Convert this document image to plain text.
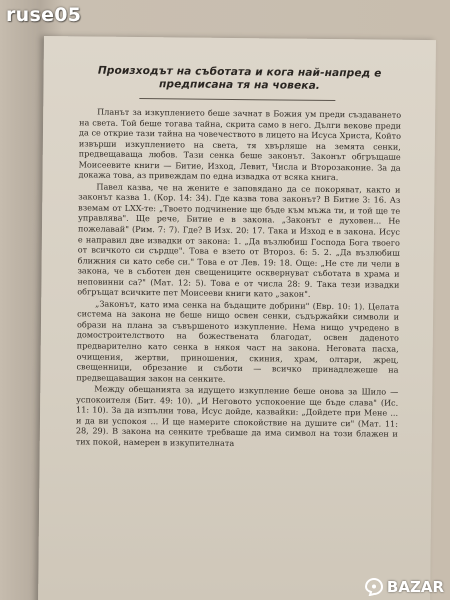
Произходът на съботата и кога най-напред е предписана тя на човека.

Планът за изкуплението беше зачнат в Божия ум преди създаването на света. Той беше тогава тайна, скрита само в него. Дълги векове преди да се открие тази тайна на човечеството в лицето на Исуса Христа, Който извърши изкуплението на света, тя хвърляше на земята сенки, предвещаваща любов. Тази сенка беше законът. Законът обгръщаше Моисеевите книги — Битие, Изход, Левит, Числа и Второзаконие. За да докажа това, аз привеждам по една извадка от всяка книга.

Павел казва, че на жените е заповядано да се покоряват, както и законът казва 1. (Кор. 14: 34). Где казва това законът? В Битие 3: 16. Аз вземам от LXX-те: „Твоето подчинение ще бъде към мъжа ти, и той ще те управлява". Ще рече, Битие е в закона. „Законът е духовен... Не пожелавай" (Рим. 7: 7). Где? В Изх. 20: 17. Така и Изход е в закона. Исус е направил две извадки от закона: 1. „Да възлюбиш Господа Бога твоего от всичкото си сърдце". Това е взето от Второз. 6: 5. 2. „Да възлюбиш ближния си като себе си." Това е от Лев. 19: 18. Още: „Не сте ли чели в закона, че в съботен ден свещениците осквернуват съботата в храма и неповинни са?" (Мат. 12: 5). Това е от числа 28: 9. Така тези извадки обгръщат всичките пет Моисееви книги като „закон".

„Законът, като има сенка на бъдащите добрини" (Евр. 10: 1). Целата система на закона не беше нищо освен сенки, съдържайки символи и образи на плана за съвършеното изкупление. Нема нищо учредено в домостроителството на божествената благодат, освен даденото предварително като сенка в някоя част на закона. Неговата пасха, очищения, жертви, приношения, скиния, храм, олтари, жрец, свещенници, обрезание и съботи — всичко принадлежеше на предвещаващия закон на сенките.

Между обещанията за идущето изкупление беше онова за Шило — успокоителя (Бит. 49: 10). „И Неговото успокоение ще бъде слава" (Ис. 11: 10). За да изпълни това, Исус дойде, казвайки: „Дойдете при Мене ... и да ви успокоя ... И ще намерите спокойствие на душите си" (Мат. 11: 28, 29). В закона на сенките требваше да има символ на този блажен и тих покой, намерен в изкупителната

ruse05
BAZAR
